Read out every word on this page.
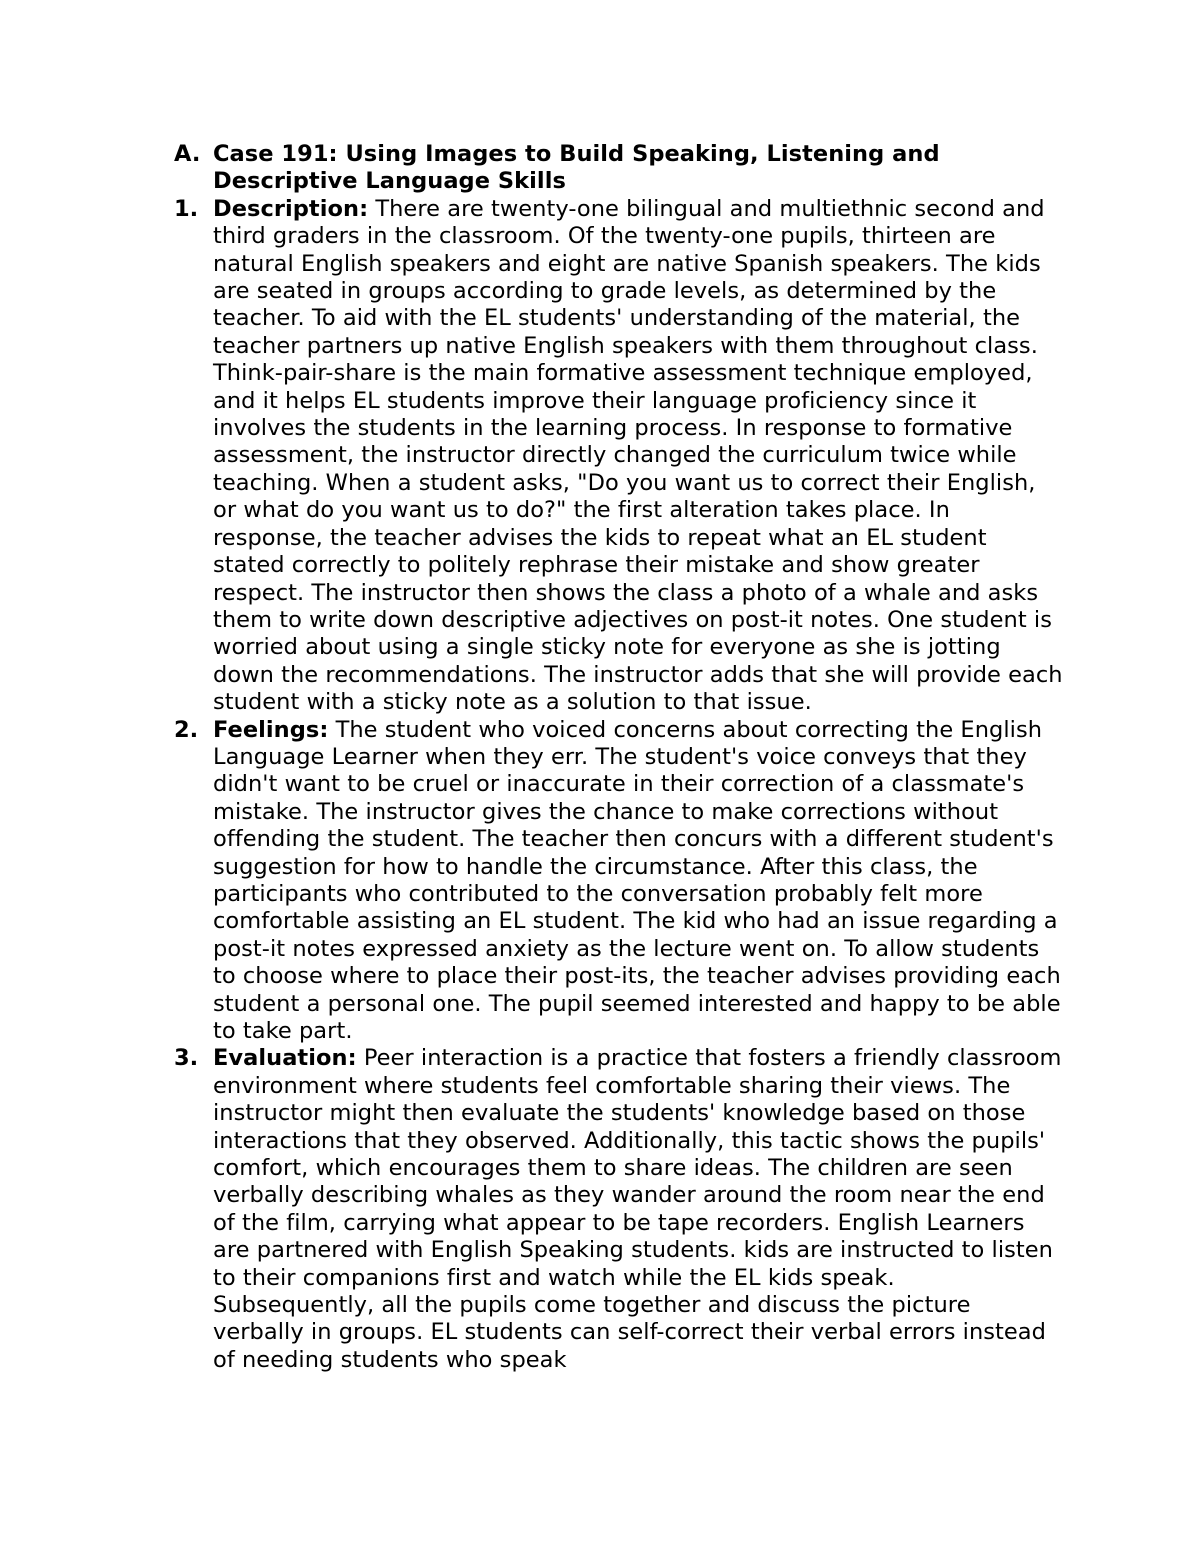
A. Case 191: Using Images to Build Speaking, Listening and Descriptive Language Skills
1. Description: There are twenty-one bilingual and multiethnic second and third graders in the classroom. Of the twenty-one pupils, thirteen are natural English speakers and eight are native Spanish speakers. The kids are seated in groups according to grade levels, as determined by the teacher. To aid with the EL students' understanding of the material, the teacher partners up native English speakers with them throughout class. Think-pair-share is the main formative assessment technique employed, and it helps EL students improve their language proficiency since it involves the students in the learning process. In response to formative assessment, the instructor directly changed the curriculum twice while teaching. When a student asks, "Do you want us to correct their English, or what do you want us to do?" the first alteration takes place. In response, the teacher advises the kids to repeat what an EL student stated correctly to politely rephrase their mistake and show greater respect. The instructor then shows the class a photo of a whale and asks them to write down descriptive adjectives on post-it notes. One student is worried about using a single sticky note for everyone as she is jotting down the recommendations. The instructor adds that she will provide each student with a sticky note as a solution to that issue.
2. Feelings: The student who voiced concerns about correcting the English Language Learner when they err. The student's voice conveys that they didn't want to be cruel or inaccurate in their correction of a classmate's mistake. The instructor gives the chance to make corrections without offending the student. The teacher then concurs with a different student's suggestion for how to handle the circumstance. After this class, the participants who contributed to the conversation probably felt more comfortable assisting an EL student. The kid who had an issue regarding a post-it notes expressed anxiety as the lecture went on. To allow students to choose where to place their post-its, the teacher advises providing each student a personal one. The pupil seemed interested and happy to be able to take part.
3. Evaluation: Peer interaction is a practice that fosters a friendly classroom environment where students feel comfortable sharing their views. The instructor might then evaluate the students' knowledge based on those interactions that they observed. Additionally, this tactic shows the pupils' comfort, which encourages them to share ideas. The children are seen verbally describing whales as they wander around the room near the end of the film, carrying what appear to be tape recorders. English Learners are partnered with English Speaking students. kids are instructed to listen to their companions first and watch while the EL kids speak. Subsequently, all the pupils come together and discuss the picture verbally in groups. EL students can self-correct their verbal errors instead of needing students who speak
